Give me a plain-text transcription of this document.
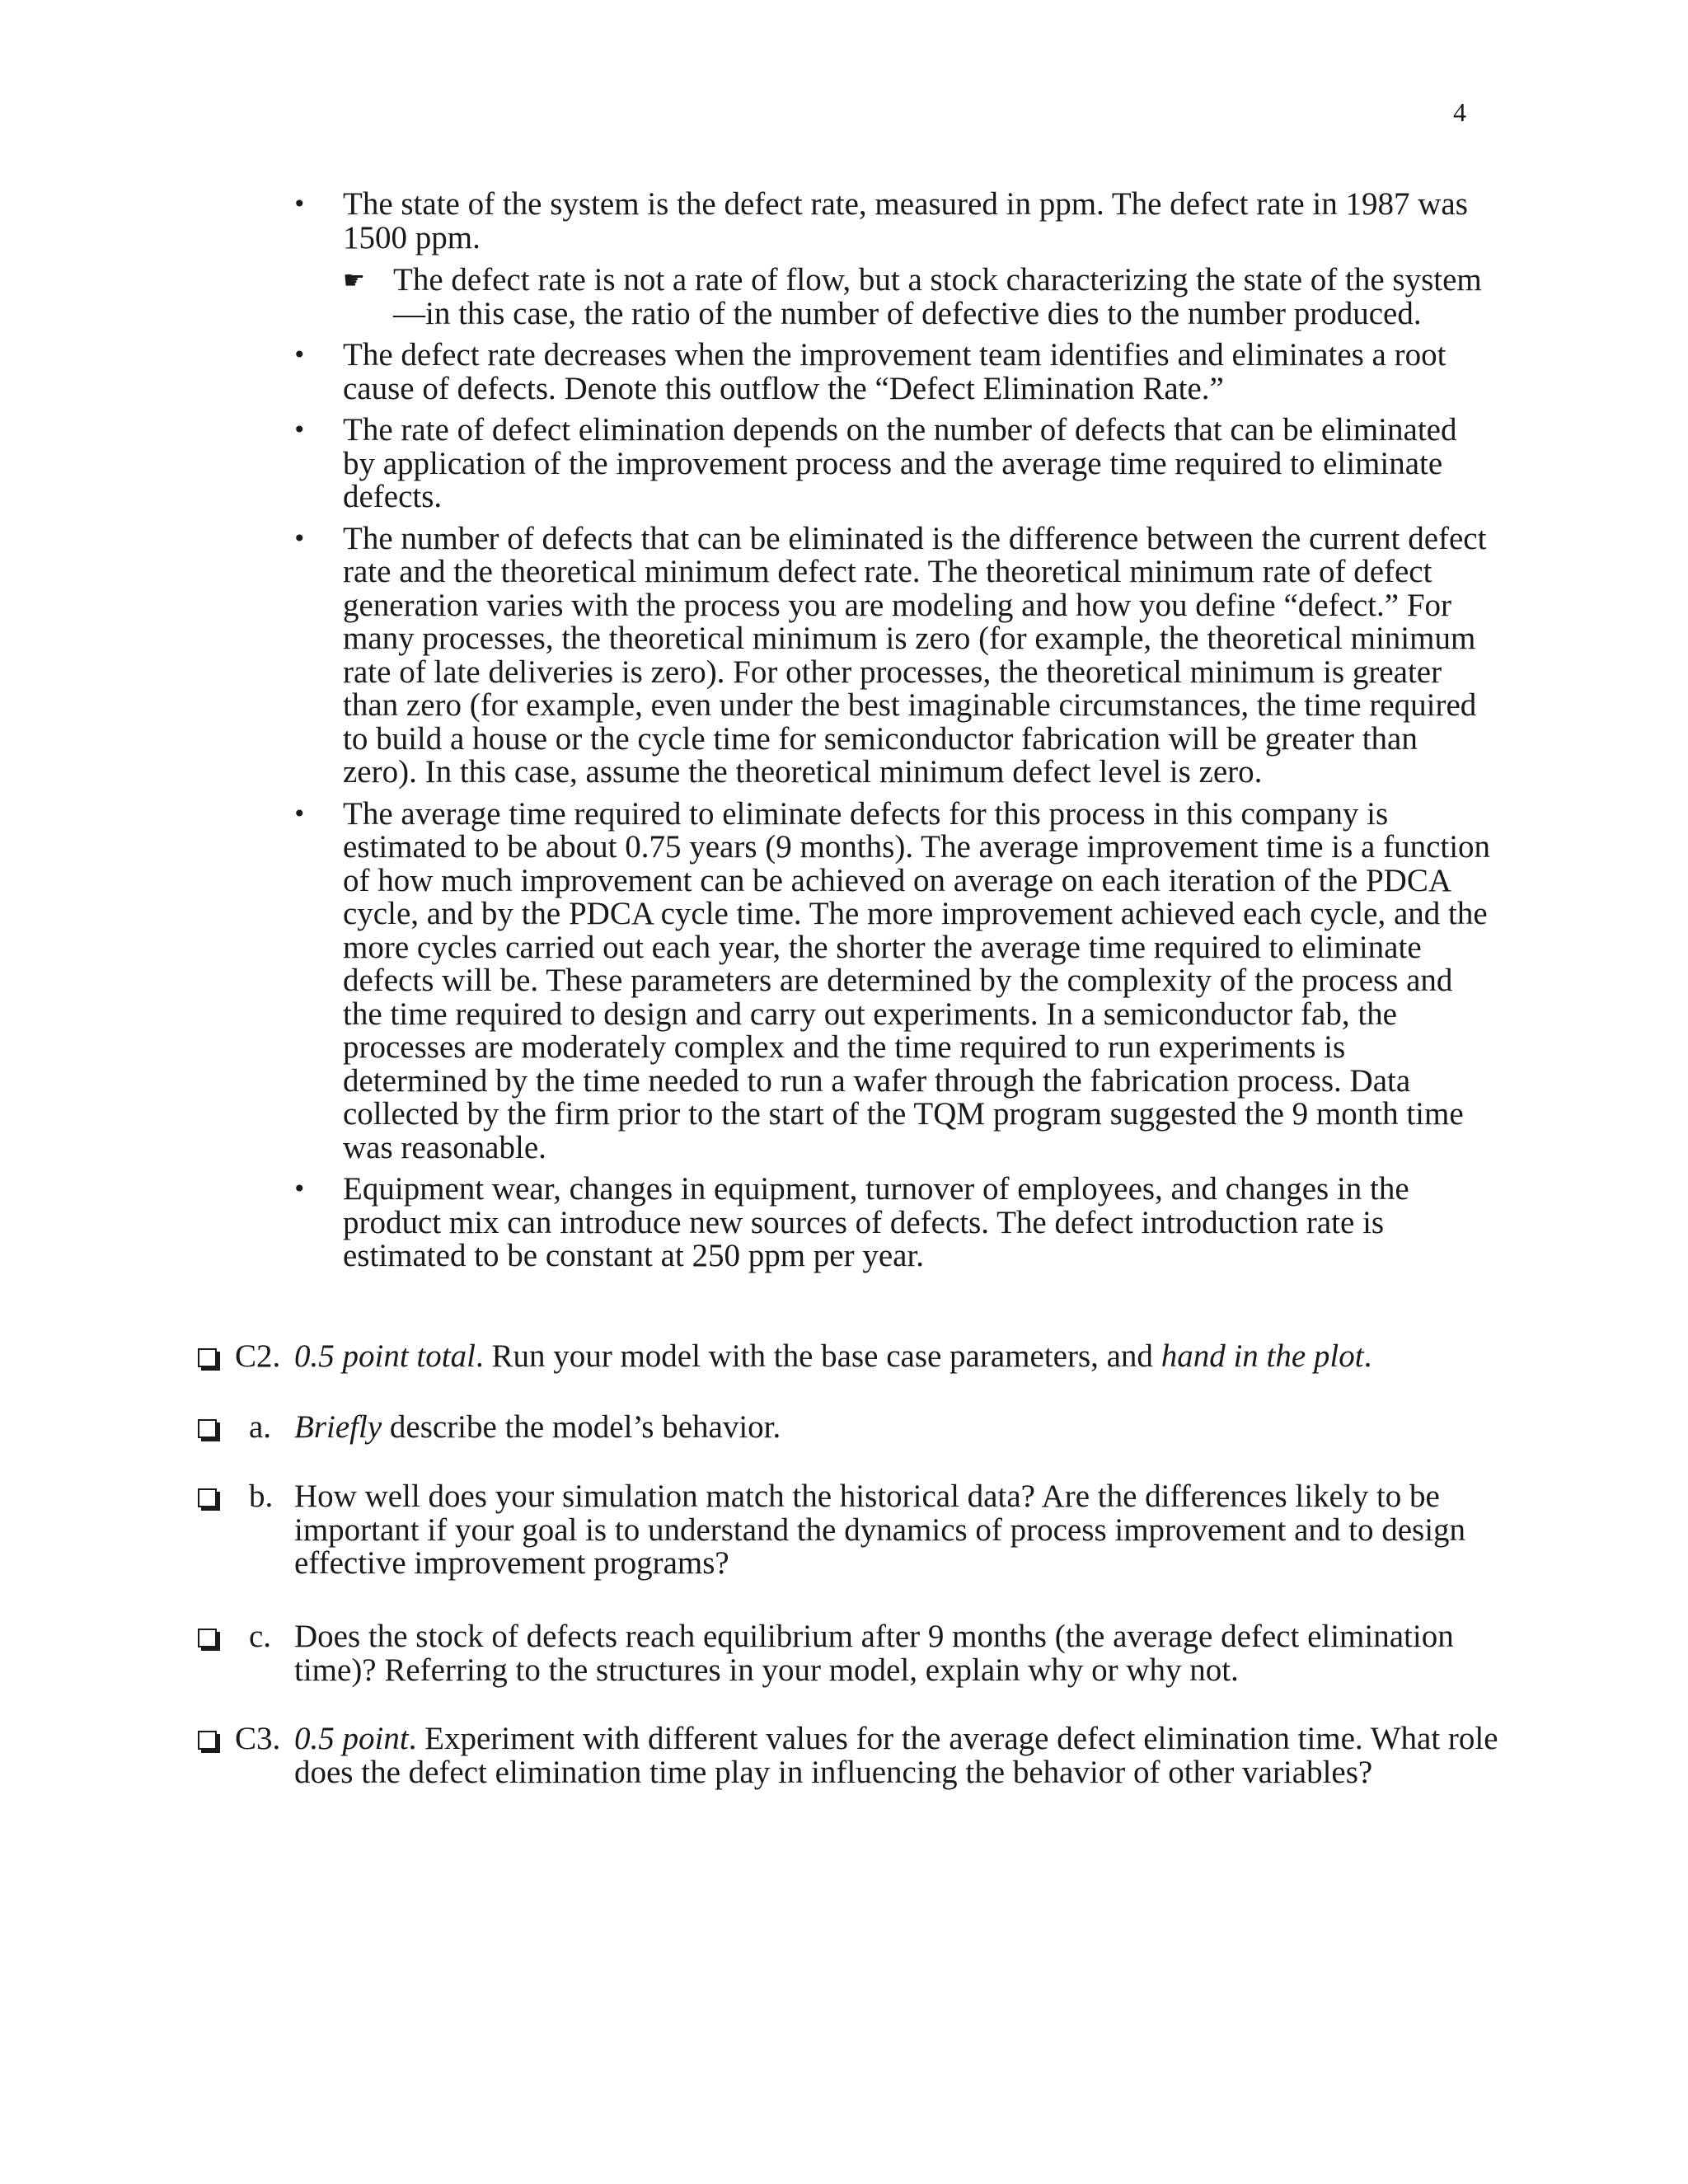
4
•	The state of the system is the defect rate, measured in ppm. The defect rate in 1987 was 1500 ppm.
☛ The defect rate is not a rate of flow, but a stock characterizing the state of the system—in this case, the ratio of the number of defective dies to the number produced.
•	The defect rate decreases when the improvement team identifies and eliminates a root cause of defects. Denote this outflow the “Defect Elimination Rate.”
•	The rate of defect elimination depends on the number of defects that can be eliminated by application of the improvement process and the average time required to eliminate defects.
•	The number of defects that can be eliminated is the difference between the current defect rate and the theoretical minimum defect rate. The theoretical minimum rate of defect generation varies with the process you are modeling and how you define “defect.” For many processes, the theoretical minimum is zero (for example, the theoretical minimum rate of late deliveries is zero). For other processes, the theoretical minimum is greater than zero (for example, even under the best imaginable circumstances, the time required to build a house or the cycle time for semiconductor fabrication will be greater than zero). In this case, assume the theoretical minimum defect level is zero.
•	The average time required to eliminate defects for this process in this company is estimated to be about 0.75 years (9 months). The average improvement time is a function of how much improvement can be achieved on average on each iteration of the PDCA cycle, and by the PDCA cycle time. The more improvement achieved each cycle, and the more cycles carried out each year, the shorter the average time required to eliminate defects will be. These parameters are determined by the complexity of the process and the time required to design and carry out experiments. In a semiconductor fab, the processes are moderately complex and the time required to run experiments is determined by the time needed to run a wafer through the fabrication process. Data collected by the firm prior to the start of the TQM program suggested the 9 month time was reasonable.
•	Equipment wear, changes in equipment, turnover of employees, and changes in the product mix can introduce new sources of defects. The defect introduction rate is estimated to be constant at 250 ppm per year.
C2. 0.5 point total. Run your model with the base case parameters, and hand in the plot.
a. Briefly describe the model’s behavior.
b. How well does your simulation match the historical data? Are the differences likely to be important if your goal is to understand the dynamics of process improvement and to design effective improvement programs?
c. Does the stock of defects reach equilibrium after 9 months (the average defect elimination time)? Referring to the structures in your model, explain why or why not.
C3. 0.5 point. Experiment with different values for the average defect elimination time. What role does the defect elimination time play in influencing the behavior of other variables?
